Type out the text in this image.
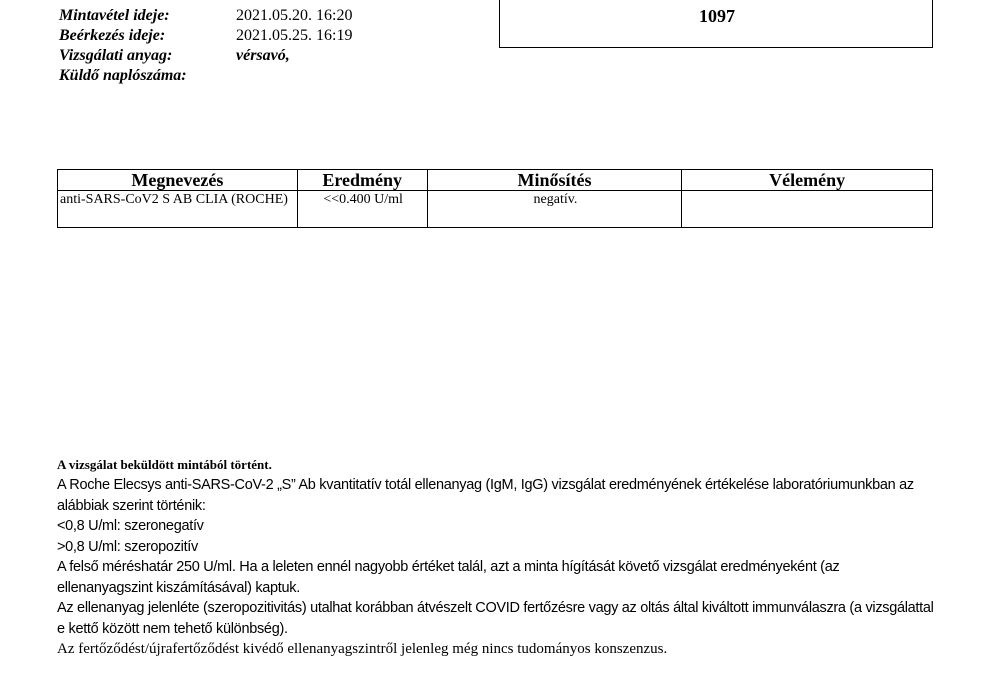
Mintavétel ideje:	2021.05.20. 16:20
Beérkezés ideje:	2021.05.25. 16:19
Vizsgálati anyag:	vérsavó,
Küldő naplószáma:
1097
Megnevezés	Eredmény	Minősítés	Vélemény
anti-SARS-CoV2 S AB CLIA (ROCHE)	<<0.400 U/ml	negatív.	
A vizsgálat beküldött mintából történt.
A Roche Elecsys anti-SARS-CoV-2 „S” Ab kvantitatív totál ellenanyag (IgM, IgG) vizsgálat eredményének értékelése laboratóriumunkban az alábbiak szerint történik:
<0,8 U/ml: szeronegatív
>0,8 U/ml: szeropozitív
A felső méréshatár 250 U/ml. Ha a leleten ennél nagyobb értéket talál, azt a minta hígítását követő vizsgálat eredményeként (az ellenanyagszint kiszámításával) kaptuk.
Az ellenanyag jelenléte (szeropozitivitás) utalhat korábban átvészelt COVID fertőzésre vagy az oltás által kiváltott immunválaszra (a vizsgálattal e kettő között nem tehető különbség).
Az fertőződést/újrafertőződést kivédő ellenanyagszintről jelenleg még nincs tudományos konszenzus.
